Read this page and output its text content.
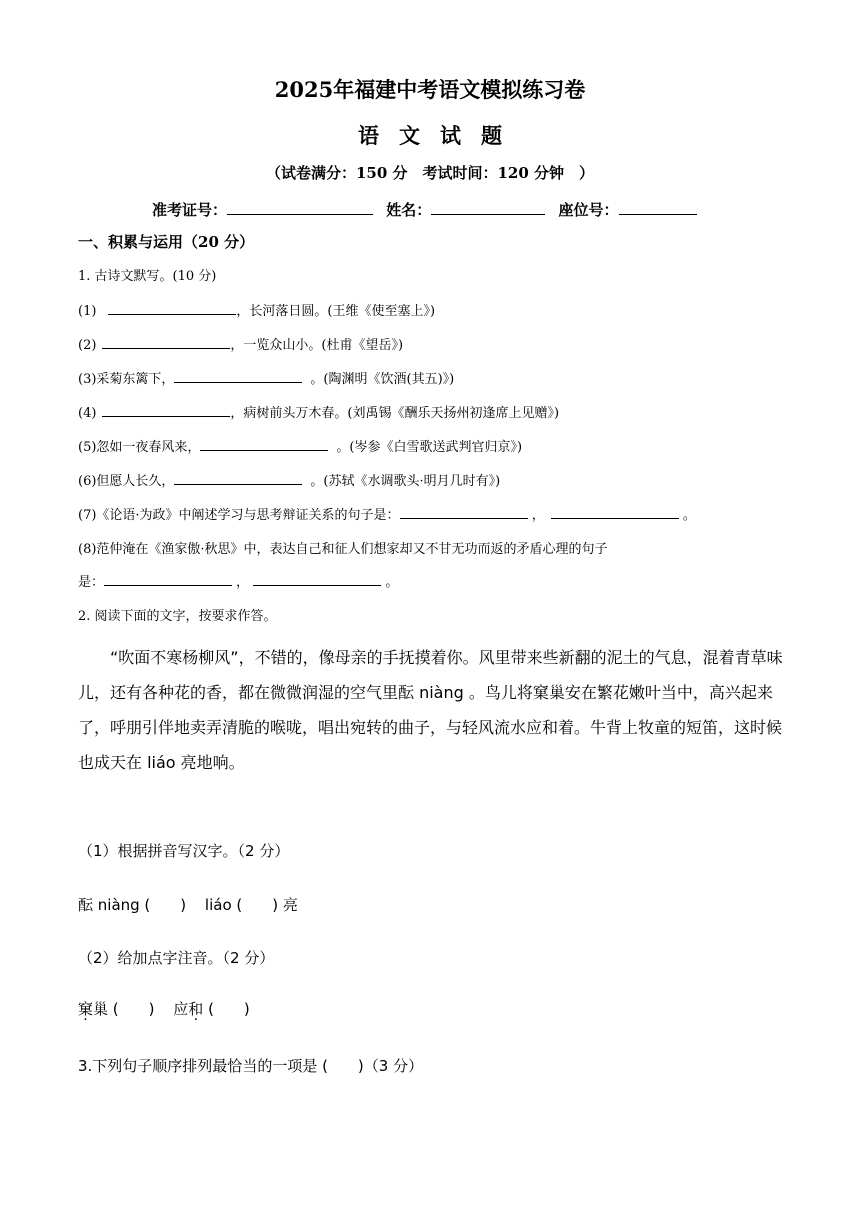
2025年福建中考语文模拟练习卷
语文试题
（试卷满分：150 分　考试时间：120 分钟　）
准考证号：	姓名：	座位号：
一、积累与运用（20 分）
1. 古诗文默写。(10 分)
(1)	，长河落日圆。(王维《使至塞上》)
(2)	，一览众山小。(杜甫《望岳》)
(3)采菊东篱下，	。(陶渊明《饮酒(其五)》)
(4)	，病树前头万木春。(刘禹锡《酬乐天扬州初逢席上见赠》)
(5)忽如一夜春风来，	。(岑参《白雪歌送武判官归京》)
(6)但愿人长久，	。(苏轼《水调歌头·明月几时有》)
(7)《论语·为政》中阐述学习与思考辩证关系的句子是：	，	。
(8)范仲淹在《渔家傲·秋思》中，表达自己和征人们想家却又不甘无功而返的矛盾心理的句子
是：	，	。
2. 阅读下面的文字，按要求作答。

“吹面不寒杨柳风”，不错的，像母亲的手抚摸着你。风里带来些新翻的泥土的气息，混着青草味儿，还有各种花的香，都在微微润湿的空气里酝 niàng 。鸟儿将窠巢安在繁花嫩叶当中，高兴起来了，呼朋引伴地卖弄清脆的喉咙，唱出宛转的曲子，与轻风流水应和着。牛背上牧童的短笛，这时候也成天在 liáo 亮地响。

（1）根据拼音写汉字。（2 分）
酝 niàng (　　) liáo (　　) 亮
（2）给加点字注音。（2 分）
窠巢 (　　) 应和 (　　)
3.下列句子顺序排列最恰当的一项是 (　　)（3 分）
